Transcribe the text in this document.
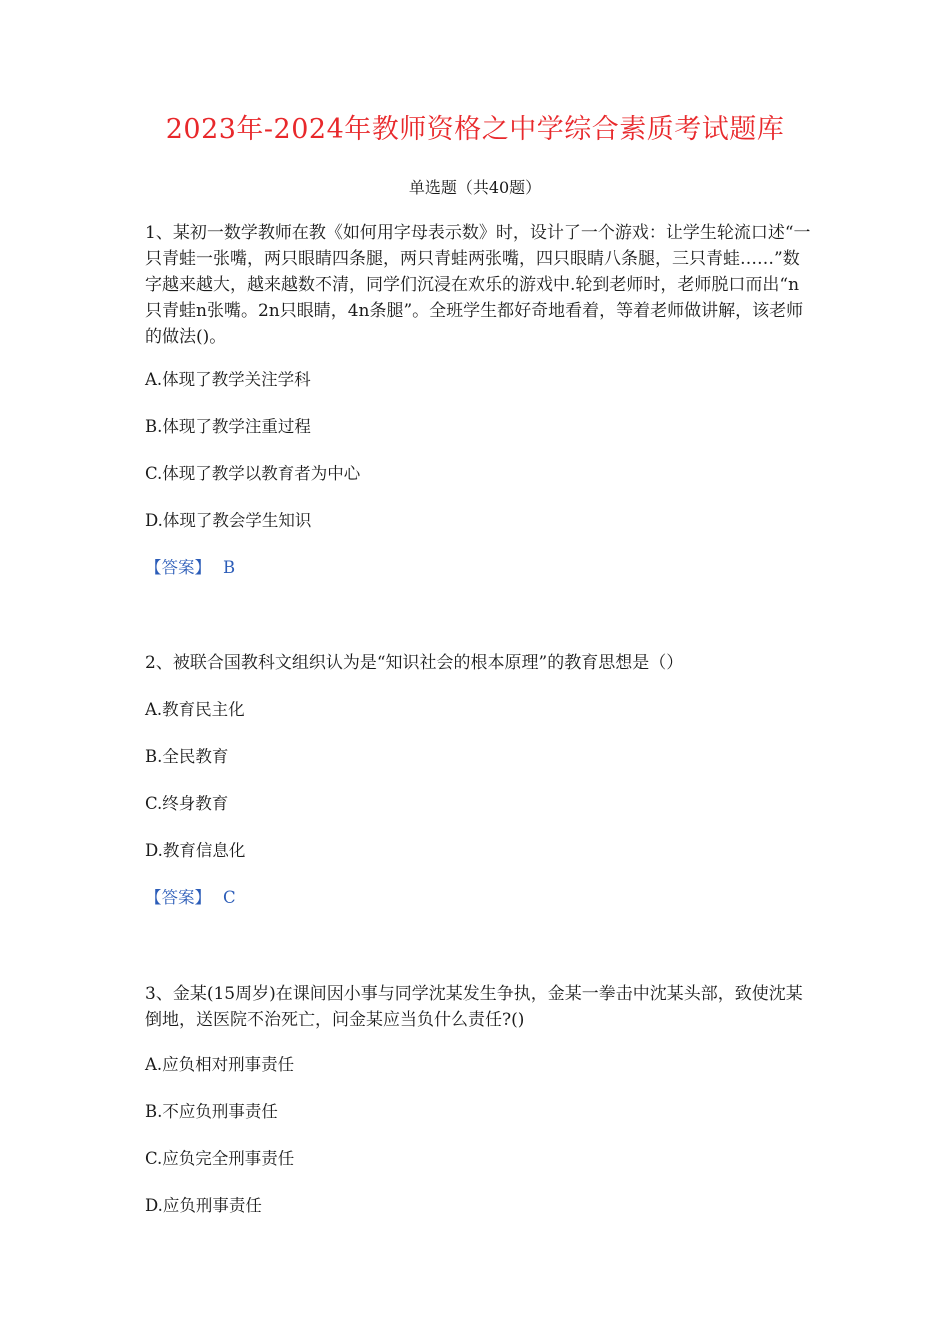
2023年-2024年教师资格之中学综合素质考试题库
单选题（共40题）

1、某初一数学教师在教《如何用字母表示数》时，设计了一个游戏：让学生轮流口述“一只青蛙一张嘴，两只眼睛四条腿，两只青蛙两张嘴，四只眼睛八条腿，三只青蛙……”数字越来越大，越来越数不清，同学们沉浸在欢乐的游戏中.轮到老师时，老师脱口而出“n只青蛙n张嘴。2n只眼睛，4n条腿”。全班学生都好奇地看着，等着老师做讲解，该老师的做法()。

A.体现了教学关注学科

B.体现了教学注重过程

C.体现了教学以教育者为中心

D.体现了教会学生知识

【答案】 B

2、被联合国教科文组织认为是“知识社会的根本原理”的教育思想是（）

A.教育民主化

B.全民教育

C.终身教育

D.教育信息化

【答案】 C

3、金某(15周岁)在课间因小事与同学沈某发生争执，金某一拳击中沈某头部，致使沈某倒地，送医院不治死亡，问金某应当负什么责任?()

A.应负相对刑事责任

B.不应负刑事责任

C.应负完全刑事责任

D.应负刑事责任
